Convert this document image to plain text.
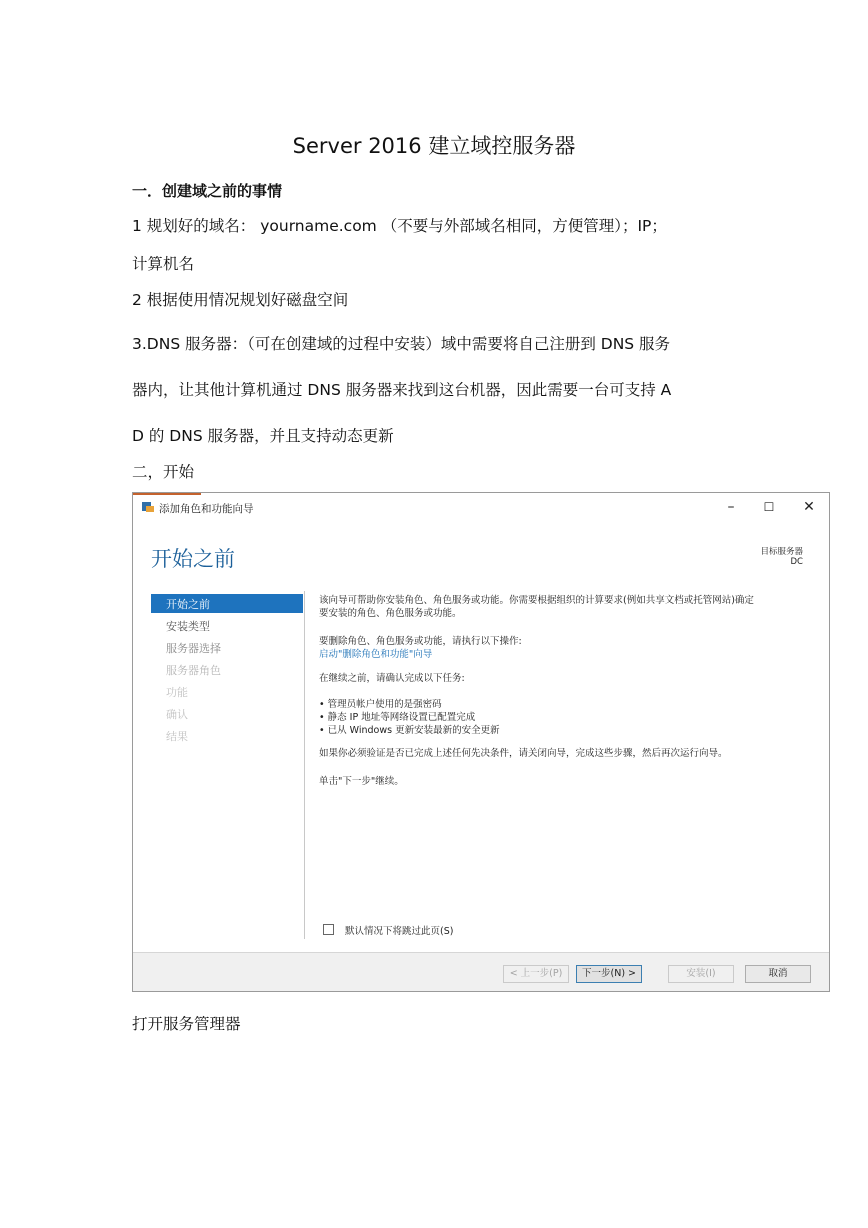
Server 2016 建立域控服务器
一．创建域之前的事情
1 规划好的域名： yourname.com （不要与外部域名相同，方便管理）；IP；
计算机名
2 根据使用情况规划好磁盘空间
3.DNS 服务器：（可在创建域的过程中安装）域中需要将自己注册到 DNS 服务
器内，让其他计算机通过 DNS 服务器来找到这台机器，因此需要一台可支持 A
D 的 DNS 服务器，并且支持动态更新
二，开始
添加角色和功能向导	–	☐	✕
开始之前	目标服务器
DC
开始之前
安装类型
服务器选择
服务器角色
功能
确认
结果
该向导可帮助你安装角色、角色服务或功能。你需要根据组织的计算要求(例如共享文档或托管网站)确定
要安装的角色、角色服务或功能。
要删除角色、角色服务或功能，请执行以下操作:
启动"删除角色和功能"向导
在继续之前，请确认完成以下任务:
• 管理员帐户使用的是强密码
• 静态 IP 地址等网络设置已配置完成
• 已从 Windows 更新安装最新的安全更新
如果你必须验证是否已完成上述任何先决条件，请关闭向导，完成这些步骤，然后再次运行向导。
单击"下一步"继续。
默认情况下将跳过此页(S)
< 上一步(P)	下一步(N) >	安装(I)	取消
打开服务管理器
